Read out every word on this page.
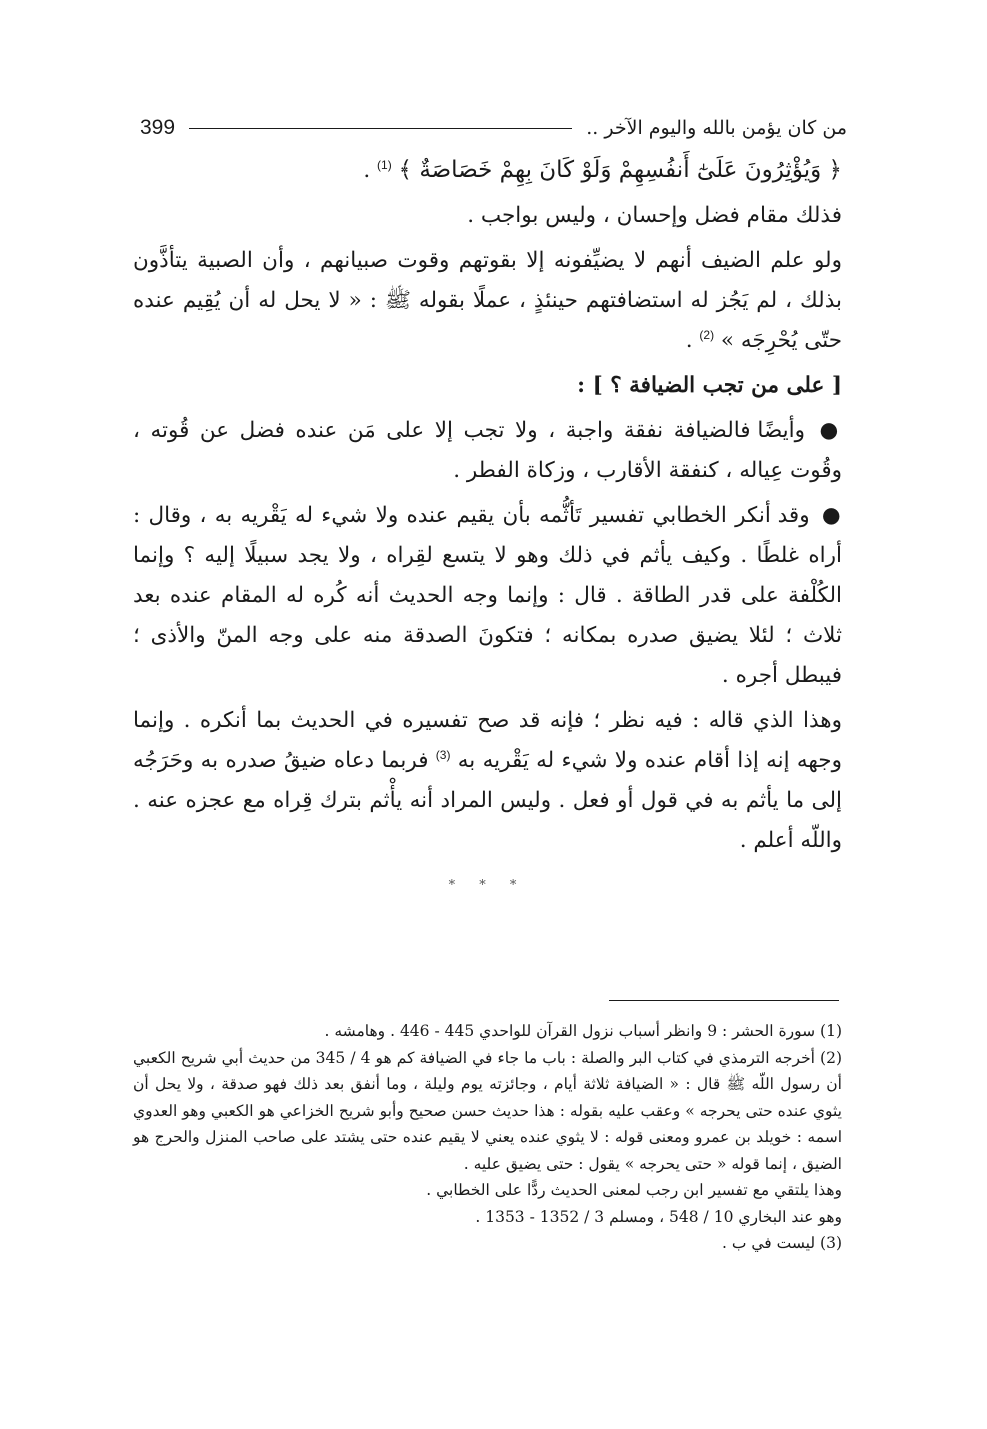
من كان يؤمن بالله واليوم الآخر ..
399

﴿ وَيُؤْثِرُونَ عَلَىٰٓ أَنفُسِهِمْ وَلَوْ كَانَ بِهِمْ خَصَاصَةٌ ﴾ $^{(1)}$ .

فذلك مقام فضل وإحسان ، وليس بواجب .

ولو علم الضيف أنهم لا يضيِّفونه إلا بقوتهم وقوت صبيانهم ، وأن الصبية يتأذَّون بذلك ، لم يَجُز له استضافتهم حينئذٍ ، عملًا بقوله ﷺ : « لا يحل له أن يُقِيم عنده حتّى يُحْرِجَه » $^{(2)}$ .

[ على من تجب الضيافة ؟ ] :

● وأيضًا فالضيافة نفقة واجبة ، ولا تجب إلا على مَن عنده فضل عن قُوته ، وقُوت عِياله ، كنفقة الأقارب ، وزكاة الفطر .

● وقد أنكر الخطابي تفسير تَأثُّمه بأن يقيم عنده ولا شيء له يَقْريه به ، وقال : أراه غلطًا . وكيف يأثم في ذلك وهو لا يتسع لقِراه ، ولا يجد سبيلًا إليه ؟ وإنما الكُلْفة على قدر الطاقة . قال : وإنما وجه الحديث أنه كُره له المقام عنده بعد ثلاث ؛ لئلا يضيق صدره بمكانه ؛ فتكونَ الصدقة منه على وجه المنّ والأذى ؛ فيبطل أجره .

وهذا الذي قاله : فيه نظر ؛ فإنه قد صح تفسيره في الحديث بما أنكره . وإنما وجهه إنه إذا أقام عنده ولا شيء له يَقْريه به $^{(3)}$ فربما دعاه ضيقُ صدره به وحَرَجُه إلى ما يأثم به في قول أو فعل . وليس المراد أنه يأْثم بترك قِراه مع عجزه عنه . واللّه أعلم .

* * *

(1) سورة الحشر : 9 وانظر أسباب نزول القرآن للواحدي 445 - 446 . وهامشه .

(2) أخرجه الترمذي في كتاب البر والصلة : باب ما جاء في الضيافة كم هو 4 / 345 من حديث أبي شريح الكعبي أن رسول اللّه ﷺ قال : « الضيافة ثلاثة أيام ، وجائزته يوم وليلة ، وما أنفق بعد ذلك فهو صدقة ، ولا يحل أن يثوي عنده حتى يحرجه » وعقب عليه بقوله : هذا حديث حسن صحيح وأبو شريح الخزاعي هو الكعبي وهو العدوي اسمه : خويلد بن عمرو ومعنى قوله : لا يثوي عنده يعني لا يقيم عنده حتى يشتد على صاحب المنزل والحرج هو الضيق ، إنما قوله « حتى يحرجه » يقول : حتى يضيق عليه .

وهذا يلتقي مع تفسير ابن رجب لمعنى الحديث ردًّا على الخطابي .

وهو عند البخاري 10 / 548 ، ومسلم 3 / 1352 - 1353 .

(3) ليست في ب .
